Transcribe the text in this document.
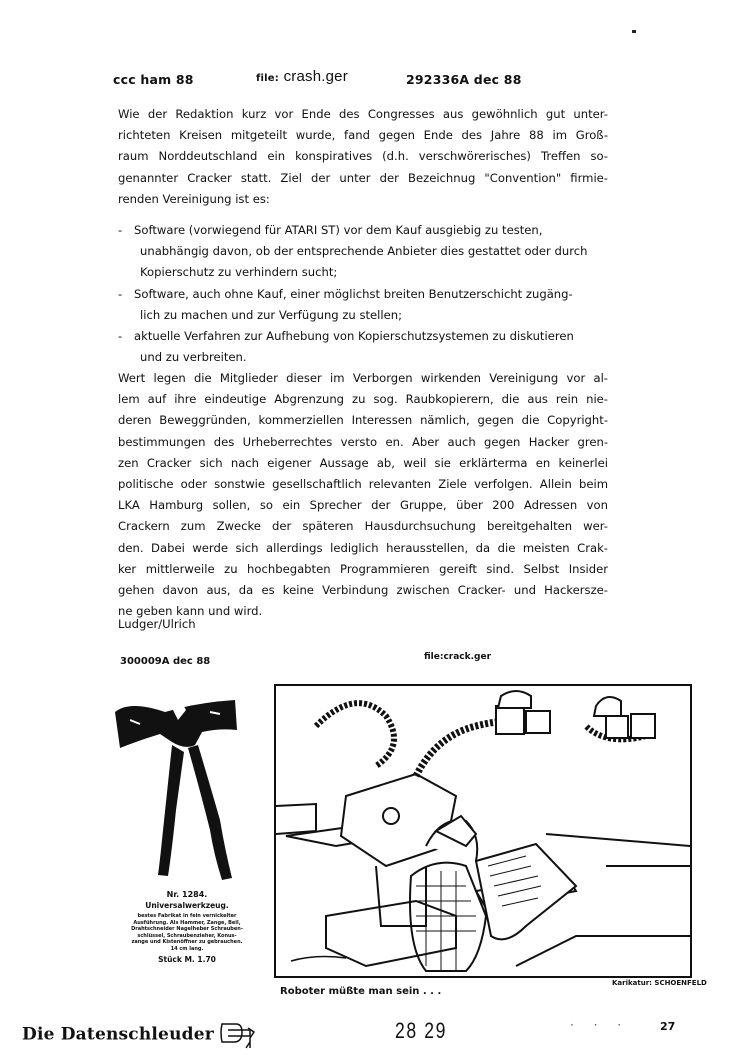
ccc ham 88	file: crash.ger	292336A dec 88
Wie der Redaktion kurz vor Ende des Congresses aus gewöhnlich gut unter-
richteten Kreisen mitgeteilt wurde, fand gegen Ende des Jahre 88 im Groß-
raum Norddeutschland ein konspiratives (d.h. verschwörerisches) Treffen so-
genannter Cracker statt. Ziel der unter der Bezeichnug "Convention" firmie-
renden Vereinigung ist es:
- Software (vorwiegend für ATARI ST) vor dem Kauf ausgiebig zu testen,
unabhängig davon, ob der entsprechende Anbieter dies gestattet oder durch
Kopierschutz zu verhindern sucht;
- Software, auch ohne Kauf, einer möglichst breiten Benutzerschicht zugäng-
lich zu machen und zur Verfügung zu stellen;
- aktuelle Verfahren zur Aufhebung von Kopierschutzsystemen zu diskutieren
und zu verbreiten.
Wert legen die Mitglieder dieser im Verborgen wirkenden Vereinigung vor al-
lem auf ihre eindeutige Abgrenzung zu sog. Raubkopierern, die aus rein nie-
deren Beweggründen, kommerziellen Interessen nämlich, gegen die Copyright-
bestimmungen des Urheberrechtes versto en. Aber auch gegen Hacker gren-
zen Cracker sich nach eigener Aussage ab, weil sie erklärterma en keinerlei
politische oder sonstwie gesellschaftlich relevanten Ziele verfolgen. Allein beim
LKA Hamburg sollen, so ein Sprecher der Gruppe, über 200 Adressen von
Crackern zum Zwecke der späteren Hausdurchsuchung bereitgehalten wer-
den. Dabei werde sich allerdings lediglich herausstellen, da die meisten Crak-
ker mittlerweile zu hochbegabten Programmieren gereift sind. Selbst Insider
gehen davon aus, da es keine Verbindung zwischen Cracker- und Hackersze-
ne geben kann und wird.
Ludger/Ulrich
300009A dec 88	file:crack.ger
Nr. 1284.
Universalwerkzeug.
bestes Fabrikat in fein vernickelter
Ausführung. Als Hammer, Zange, Beil,
Drahtschneider Nagelheber Schrauben-
schlüssel, Schraubenzieher, Konus-
zange und Kistenöffner zu gebrauchen.
14 cm lang.
Stück M. 1.70
Karikatur: SCHOENFELD
Roboter müßte man sein . . .
Die Datenschleuder	28 29	· · ·	27
